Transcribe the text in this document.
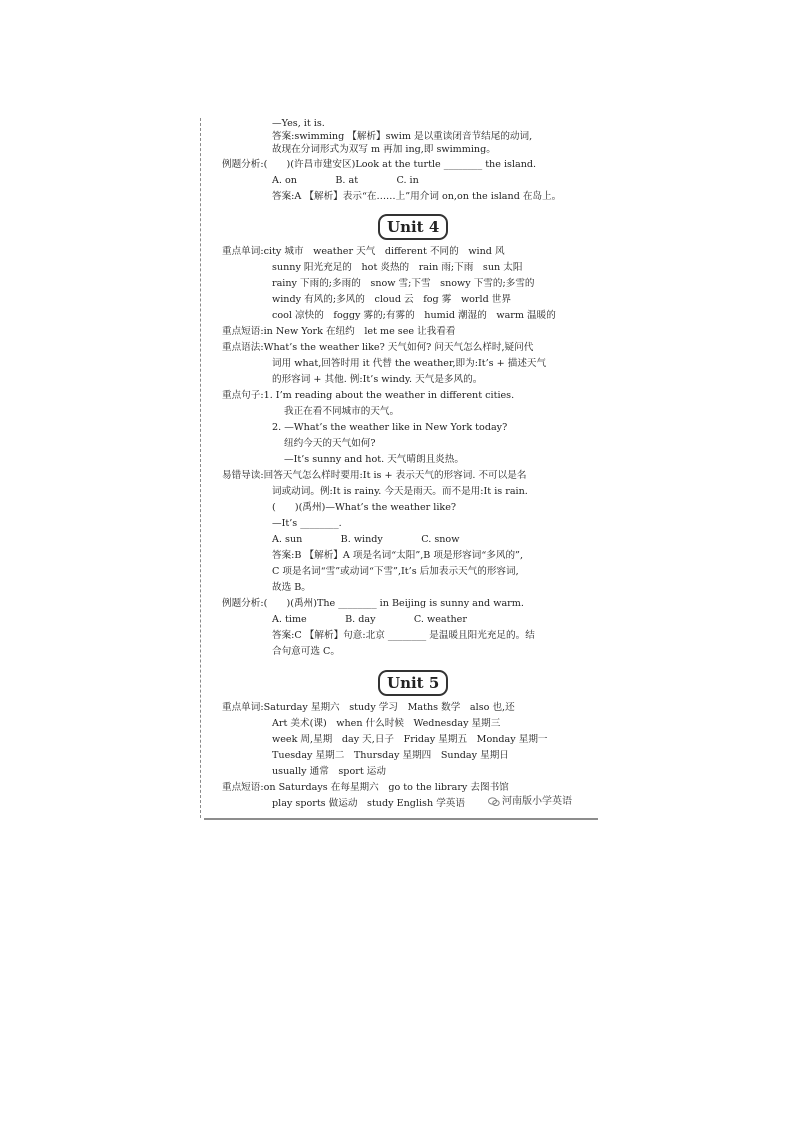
—Yes, it is.
答案:swimming 【解析】swim 是以重读闭音节结尾的动词,
故现在分词形式为双写 m 再加 ing,即 swimming。
例题分析:(　　)(许昌市建安区)Look at the turtle ________ the island.
A. on　　　　B. at　　　　C. in
答案:A 【解析】表示“在……上”用介词 on,on the island 在岛上。
Unit 4
重点单词:city 城市　weather 天气　different 不同的　wind 风
sunny 阳光充足的　hot 炎热的　rain 雨;下雨　sun 太阳
rainy 下雨的;多雨的　snow 雪;下雪　snowy 下雪的;多雪的
windy 有风的;多风的　cloud 云　fog 雾　world 世界
cool 凉快的　foggy 雾的;有雾的　humid 潮湿的　warm 温暖的
重点短语:in New York 在纽约　let me see 让我看看
重点语法:What’s the weather like? 天气如何? 问天气怎么样时,疑问代
词用 what,回答时用 it 代替 the weather,即为:It’s + 描述天气
的形容词 + 其他. 例:It’s windy. 天气是多风的。
重点句子:1. I’m reading about the weather in different cities.
我正在看不同城市的天气。
2. —What’s the weather like in New York today?
纽约今天的天气如何?
—It’s sunny and hot. 天气晴朗且炎热。
易错导读:回答天气怎么样时要用:It is + 表示天气的形容词. 不可以是名
词或动词。例:It is rainy. 今天是雨天。而不是用:It is rain.
(　　)(禹州)—What’s the weather like?
—It’s ________.
A. sun　　　　B. windy　　　　C. snow
答案:B 【解析】A 项是名词“太阳”,B 项是形容词“多风的”,
C 项是名词“雪”或动词“下雪”,It’s 后加表示天气的形容词,
故选 B。
例题分析:(　　)(禹州)The ________ in Beijing is sunny and warm.
A. time　　　　B. day　　　　C. weather
答案:C 【解析】句意:北京 ________ 是温暖且阳光充足的。结
合句意可选 C。
Unit 5
重点单词:Saturday 星期六　study 学习　Maths 数学　also 也,还
Art 美术(课)　when 什么时候　Wednesday 星期三
week 周,星期　day 天,日子　Friday 星期五　Monday 星期一
Tuesday 星期二　Thursday 星期四　Sunday 星期日
usually 通常　sport 运动
重点短语:on Saturdays 在每星期六　go to the library 去图书馆
play sports 做运动　study English 学英语	河南版小学英语
